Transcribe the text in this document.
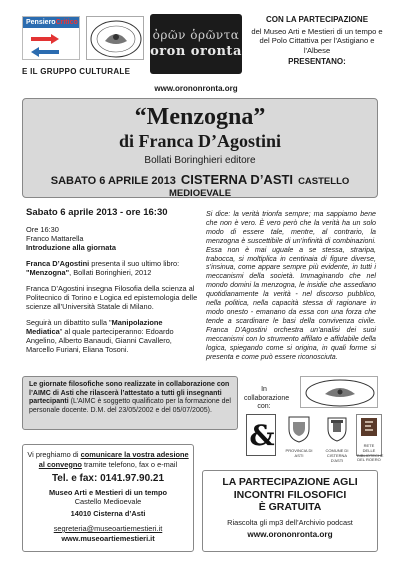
PensieroCritico
ὀρῶν ὁρῶντα
oron oronta
CON LA PARTECIPAZIONE
del Museo Arti e Mestieri di un tempo e del Polo Cittattiva per l'Astigiano e l'Albese
PRESENTANO:
E IL GRUPPO CULTURALE
www.orononronta.org
“Menzogna”
di Franca D’Agostini
Bollati Boringhieri editore
SABATO 6 APRILE 2013 CISTERNA D’ASTI CASTELLO MEDIOEVALE
Sabato 6 aprile 2013 - ore 16:30

Ore 16:30
Franco Mattarella
Introduzione alla giornata

Franca D’Agostini presenta il suo ultimo libro:
"Menzogna", Bollati Boringhieri, 2012

Franca D’Agostini insegna Filosofia della scienza al Politecnico di Torino e Logica ed epistemologia delle scienze all’Università Statale di Milano.

Seguirà un dibattito sulla "Manipolazione Mediatica" al quale parteciperanno: Edoardo Angelino, Alberto Banaudi, Gianni Cavallero, Marcello Furiani, Eliana Tosoni.

Si dice: la verità trionfa sempre; ma sappiamo bene che non è vero. È vero però che la verità ha un solo modo di essere tale, mentre, al contrario, la menzogna è suscettibile di un’infinità di combinazioni. Essa non è mai uguale a se stessa, straripa, trabocca, si moltiplica in centinaia di figure diverse, s’insinua, come appare sempre più evidente, in tutti i meccanismi della società. Immaginando che nel mondo domini la menzogna, le insidie che assediano quotidianamente la verità - nel discorso pubblico, nella politica, nella capacità stessa di ragionare in modo onesto - emanano da essa con una forza che tende a scardinare le basi della convivenza civile. Franca D’Agostini orchestra un’analisi dei suoi meccanismi con lo strumento affilato e affidabile della logica, spiegando come si origina, in quali forme si presenta e come può essere riconosciuta.
Le giornate filosofiche sono realizzate in collaborazione con l’AIMC di Asti che rilascerà l’attestato a tutti gli insegnanti partecipanti (L’AIMC è soggetto qualificato per la formazione del personale docente. D.M. del 23/05/2002 e del 05/07/2005).
In collaborazione con:
&	PROVINCIA DI ASTI
COMUNE DI CISTERNA D'ASTI
RETE DELLE BIBLIOTECHE DEL ROERO
Vi preghiamo di comunicare la vostra adesione
al convegno tramite telefono, fax o e-mail
Tel. e fax: 0141.97.90.21
Museo Arti e Mestieri di un tempo
Castello Medioevale
14010 Cisterna d’Asti
segreteria@museoartiemestieri.it
www.museoartiemestieri.it
LA PARTECIPAZIONE AGLI
INCONTRI FILOSOFICI
È GRATUITA
Riascolta gli mp3 dell’Archivio podcast
www.orononronta.org
